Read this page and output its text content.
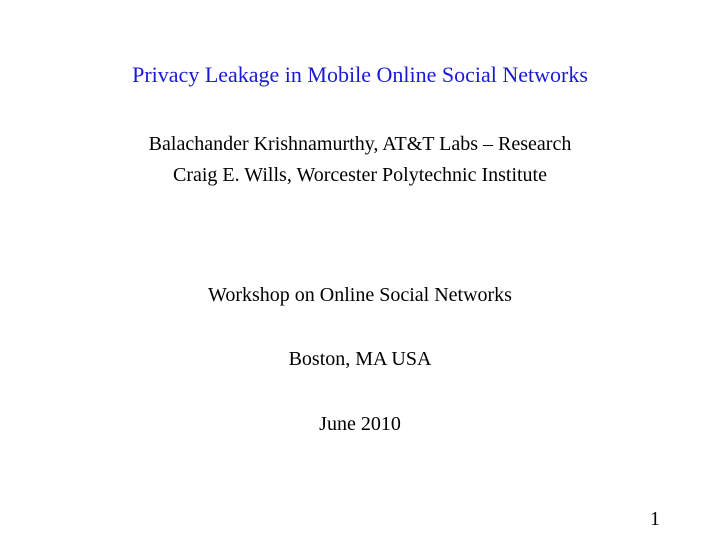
Privacy Leakage in Mobile Online Social Networks
Balachander Krishnamurthy, AT&T Labs – Research
Craig E. Wills, Worcester Polytechnic Institute
Workshop on Online Social Networks
Boston, MA USA
June 2010
1
